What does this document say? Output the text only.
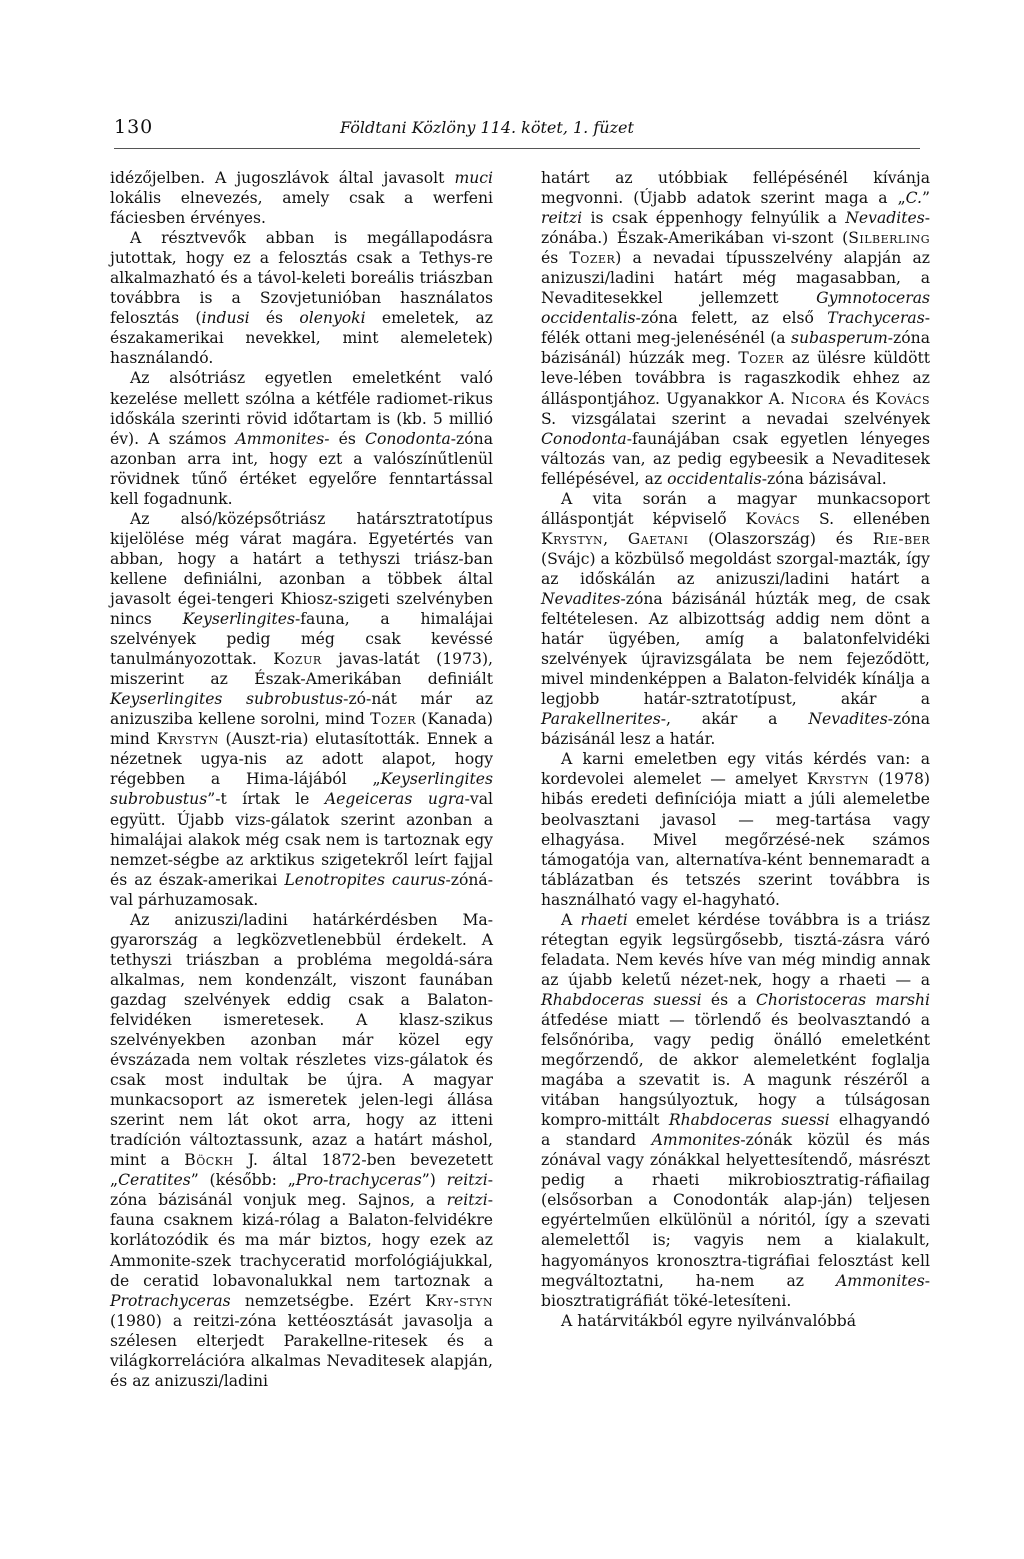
130	Földtani Közlöny 114. kötet, 1. füzet

idézőjelben. A jugoszlávok által javasolt muci lokális elnevezés, amely csak a werfeni fáciesben érvényes.

A résztvevők abban is megállapodásra jutottak, hogy ez a felosztás csak a Tethys-re alkalmazható és a távol-keleti boreális triászban továbbra is a Szovjetunióban használatos felosztás (indusi és olenyoki emeletek, az északamerikai nevekkel, mint alemeletek) használandó.

Az alsótriász egyetlen emeletként való kezelése mellett szólna a kétféle radiomet-rikus időskála szerinti rövid időtartam is (kb. 5 millió év). A számos Ammonites- és Conodonta-zóna azonban arra int, hogy ezt a valószínűtlenül rövidnek tűnő értéket egyelőre fenntartással kell fogadnunk.

Az alsó/középsőtriász határsztratotípus kijelölése még várat magára. Egyetértés van abban, hogy a határt a tethyszi triász-ban kellene definiálni, azonban a többek által javasolt égei-tengeri Khiosz-szigeti szelvényben nincs Keyserlingites-fauna, a himalájai szelvények pedig még csak kevéssé tanulmányozottak. Kozur javas-latát (1973), miszerint az Észak-Amerikában definiált Keyserlingites subrobustus-zó-nát már az anizusziba kellene sorolni, mind Tozer (Kanada) mind Krystyn (Auszt-ria) elutasították. Ennek a nézetnek ugya-nis az adott alapot, hogy régebben a Hima-lájából „Keyserlingites subrobustus”-t írtak le Aegeiceras ugra-val együtt. Újabb vizs-gálatok szerint azonban a himalájai alakok még csak nem is tartoznak egy nemzet-ségbe az arktikus szigetekről leírt fajjal és az észak-amerikai Lenotropites caurus-zóná-val párhuzamosak.

Az anizuszi/ladini határkérdésben Ma-gyarország a legközvetlenebbül érdekelt. A tethyszi triászban a probléma megoldá-sára alkalmas, nem kondenzált, viszont faunában gazdag szelvények eddig csak a Balaton-felvidéken ismeretesek. A klasz-szikus szelvényekben azonban már közel egy évszázada nem voltak részletes vizs-gálatok és csak most indultak be újra. A magyar munkacsoport az ismeretek jelen-legi állása szerint nem lát okot arra, hogy az itteni tradíción változtassunk, azaz a határt máshol, mint a Böckh J. által 1872-ben bevezetett „Ceratites” (később: „Pro-trachyceras”) reitzi-zóna bázisánál vonjuk meg. Sajnos, a reitzi-fauna csaknem kizá-rólag a Balaton-felvidékre korlátozódik és ma már biztos, hogy ezek az Ammonite-szek trachyceratid morfológiájukkal, de ceratid lobavonalukkal nem tartoznak a Protrachyceras nemzetségbe. Ezért Kry-styn (1980) a reitzi-zóna kettéosztását javasolja a szélesen elterjedt Parakellne-ritesek és a világkorrelációra alkalmas Nevaditesek alapján, és az anizuszi/ladini

határt az utóbbiak fellépésénél kívánja megvonni. (Újabb adatok szerint maga a „C.” reitzi is csak éppenhogy felnyúlik a Nevadites-zónába.) Észak-Amerikában vi-szont (Silberling és Tozer) a nevadai típusszelvény alapján az anizuszi/ladini határt még magasabban, a Nevaditesekkel jellemzett Gymnotoceras occidentalis-zóna felett, az első Trachyceras-félék ottani meg-jelenésénél (a subasperum-zóna bázisánál) húzzák meg. Tozer az ülésre küldött leve-lében továbbra is ragaszkodik ehhez az álláspontjához. Ugyanakkor A. Nicora és Kovács S. vizsgálatai szerint a nevadai szelvények Conodonta-faunájában csak egyetlen lényeges változás van, az pedig egybeesik a Nevaditesek fellépésével, az occidentalis-zóna bázisával.

A vita során a magyar munkacsoport álláspontját képviselő Kovács S. ellenében Krystyn, Gaetani (Olaszország) és Rie-ber (Svájc) a közbülső megoldást szorgal-mazták, így az időskálán az anizuszi/ladini határt a Nevadites-zóna bázisánál húzták meg, de csak feltételesen. Az albizottság addig nem dönt a határ ügyében, amíg a balatonfelvidéki szelvények újravizsgálata be nem fejeződött, mivel mindenképpen a Balaton-felvidék kínálja a legjobb határ-sztratotípust, akár a Parakellnerites-, akár a Nevadites-zóna bázisánál lesz a határ.

A karni emeletben egy vitás kérdés van: a kordevolei alemelet — amelyet Krystyn (1978) hibás eredeti definíciója miatt a júli alemeletbe beolvasztani javasol — meg-tartása vagy elhagyása. Mivel megőrzésé-nek számos támogatója van, alternatíva-ként bennemaradt a táblázatban és tetszés szerint továbbra is használható vagy el-hagyható.

A rhaeti emelet kérdése továbbra is a triász rétegtan egyik legsürgősebb, tisztá-zásra váró feladata. Nem kevés híve van még mindig annak az újabb keletű nézet-nek, hogy a rhaeti — a Rhabdoceras suessi és a Choristoceras marshi átfedése miatt — törlendő és beolvasztandó a felsőnóriba, vagy pedig önálló emeletként megőrzendő, de akkor alemeletként foglalja magába a szevatit is. A magunk részéről a vitában hangsúlyoztuk, hogy a túlságosan kompro-mittált Rhabdoceras suessi elhagyandó a standard Ammonites-zónák közül és más zónával vagy zónákkal helyettesítendő, másrészt pedig a rhaeti mikrobiosztratig-ráfiailag (elsősorban a Conodonták alap-ján) teljesen egyértelműen elkülönül a nóritól, így a szevati alemelettől is; vagyis nem a kialakult, hagyományos kronosztra-tigráfiai felosztást kell megváltoztatni, ha-nem az Ammonites-biosztratigráfiát töké-letesíteni.

A határvitákból egyre nyilvánvalóbbá
